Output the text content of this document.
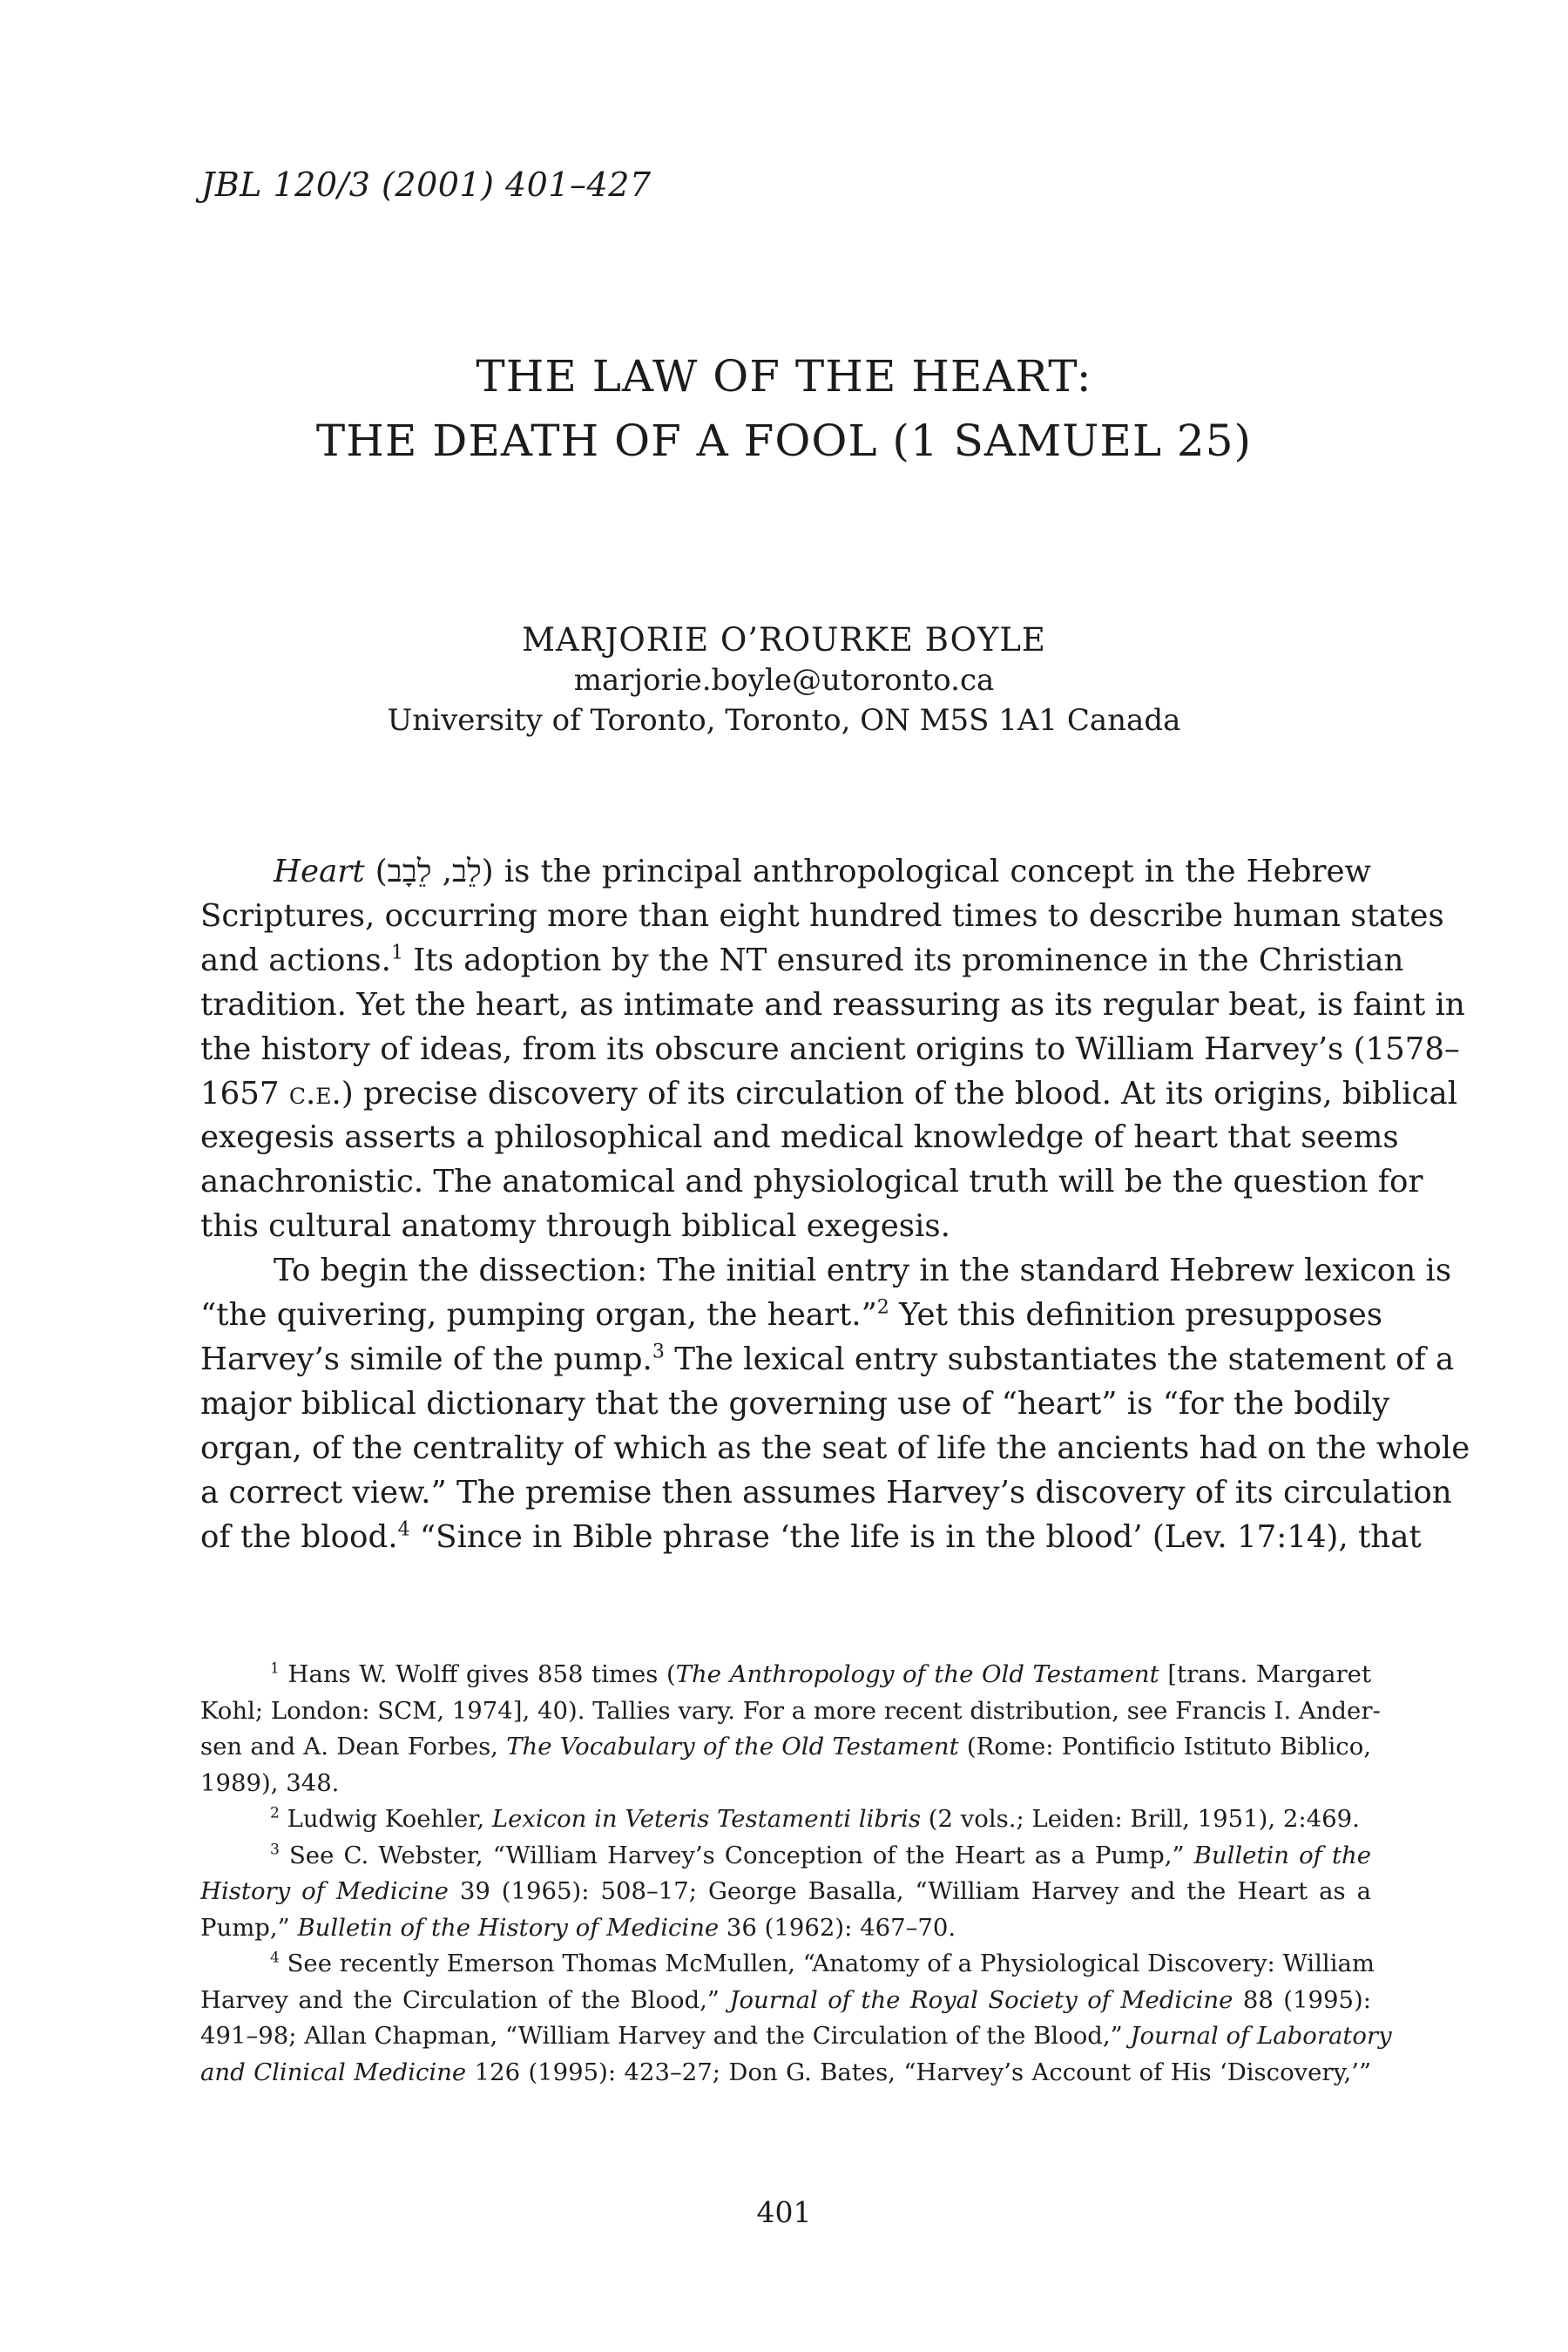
JBL 120/3 (2001) 401–427
THE LAW OF THE HEART:
THE DEATH OF A FOOL (1 SAMUEL 25)
MARJORIE O’ROURKE BOYLE
marjorie.boyle@utoronto.ca
University of Toronto, Toronto, ON M5S 1A1 Canada
Heart (לֵב, לֵבָב) is the principal anthropological concept in the Hebrew
Scriptures, occurring more than eight hundred times to describe human states
and actions.$^1$ Its adoption by the NT ensured its prominence in the Christian
tradition. Yet the heart, as intimate and reassuring as its regular beat, is faint in
the history of ideas, from its obscure ancient origins to William Harvey’s (1578–
1657 c.e.) precise discovery of its circulation of the blood. At its origins, biblical
exegesis asserts a philosophical and medical knowledge of heart that seems
anachronistic. The anatomical and physiological truth will be the question for
this cultural anatomy through biblical exegesis.
To begin the dissection: The initial entry in the standard Hebrew lexicon is
“the quivering, pumping organ, the heart.”$^2$ Yet this definition presupposes
Harvey’s simile of the pump.$^3$ The lexical entry substantiates the statement of a
major biblical dictionary that the governing use of “heart” is “for the bodily
organ, of the centrality of which as the seat of life the ancients had on the whole
a correct view.” The premise then assumes Harvey’s discovery of its circulation
of the blood.$^4$ “Since in Bible phrase ‘the life is in the blood’ (Lev. 17:14), that
$^1$ Hans W. Wolff gives 858 times (The Anthropology of the Old Testament [trans. Margaret
Kohl; London: SCM, 1974], 40). Tallies vary. For a more recent distribution, see Francis I. Ander-
sen and A. Dean Forbes, The Vocabulary of the Old Testament (Rome: Pontificio Istituto Biblico,
1989), 348.
$^2$ Ludwig Koehler, Lexicon in Veteris Testamenti libris (2 vols.; Leiden: Brill, 1951), 2:469.
$^3$ See C. Webster, “William Harvey’s Conception of the Heart as a Pump,” Bulletin of the
History of Medicine 39 (1965): 508–17; George Basalla, “William Harvey and the Heart as a
Pump,” Bulletin of the History of Medicine 36 (1962): 467–70.
$^4$ See recently Emerson Thomas McMullen, “Anatomy of a Physiological Discovery: William
Harvey and the Circulation of the Blood,” Journal of the Royal Society of Medicine 88 (1995):
491–98; Allan Chapman, “William Harvey and the Circulation of the Blood,” Journal of Laboratory
and Clinical Medicine 126 (1995): 423–27; Don G. Bates, “Harvey’s Account of His ‘Discovery,’”
401
